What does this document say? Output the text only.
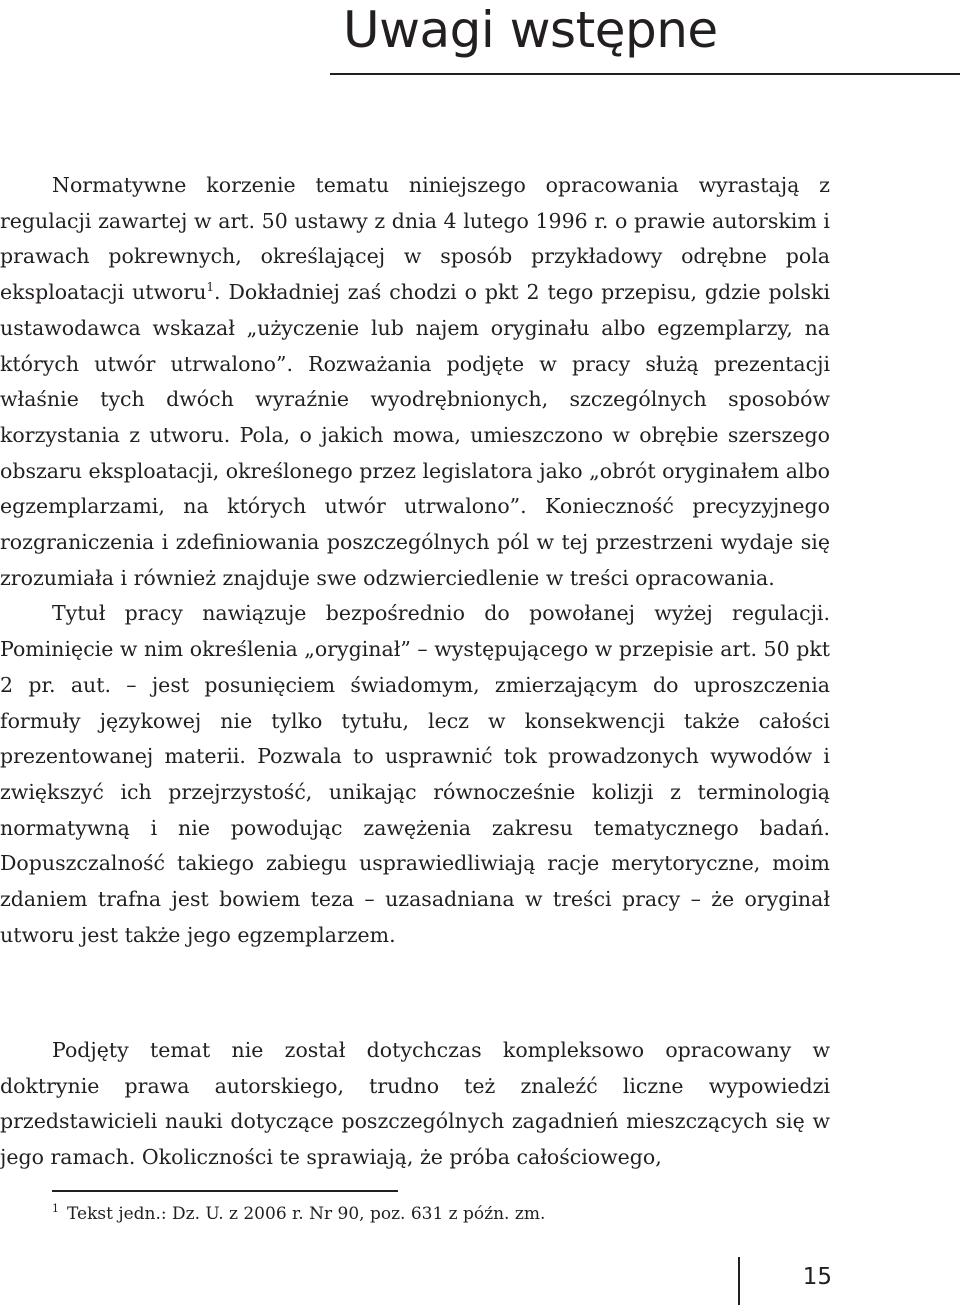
Uwagi wstępne

Normatywne korzenie tematu niniejszego opracowania wyrastają z regulacji zawartej w art. 50 ustawy z dnia 4 lutego 1996 r. o prawie autorskim i prawach pokrewnych, określającej w sposób przykładowy odrębne pola eksploatacji utworu$^1$. Dokładniej zaś chodzi o pkt 2 tego przepisu, gdzie polski ustawodawca wskazał „użyczenie lub najem oryginału albo egzemplarzy, na których utwór utrwalono”. Rozważania podjęte w pracy służą prezentacji właśnie tych dwóch wyraźnie wyodrębnionych, szczególnych sposobów korzystania z utworu. Pola, o jakich mowa, umieszczono w obrębie szerszego obszaru eksploatacji, określonego przez legislatora jako „obrót oryginałem albo egzemplarzami, na których utwór utrwalono”. Konieczność precyzyjnego rozgraniczenia i zdefiniowania poszczególnych pól w tej przestrzeni wydaje się zrozumiała i również znajduje swe odzwierciedlenie w treści opracowania.

Tytuł pracy nawiązuje bezpośrednio do powołanej wyżej regulacji. Pominięcie w nim określenia „oryginał” – występującego w przepisie art. 50 pkt 2 pr. aut. – jest posunięciem świadomym, zmierzającym do uproszczenia formuły językowej nie tylko tytułu, lecz w konsekwencji także całości prezentowanej materii. Pozwala to usprawnić tok prowadzonych wywodów i zwiększyć ich przejrzystość, unikając równocześnie kolizji z terminologią normatywną i nie powodując zawężenia zakresu tematycznego badań. Dopuszczalność takiego zabiegu usprawiedliwiają racje merytoryczne, moim zdaniem trafna jest bowiem teza – uzasadniana w treści pracy – że oryginał utworu jest także jego egzemplarzem.

Podjęty temat nie został dotychczas kompleksowo opracowany w doktrynie prawa autorskiego, trudno też znaleźć liczne wypowiedzi przedstawicieli nauki dotyczące poszczególnych zagadnień mieszczących się w jego ramach. Okoliczności te sprawiają, że próba całościowego,

$^1$ Tekst jedn.: Dz. U. z 2006 r. Nr 90, poz. 631 z późn. zm.
15
